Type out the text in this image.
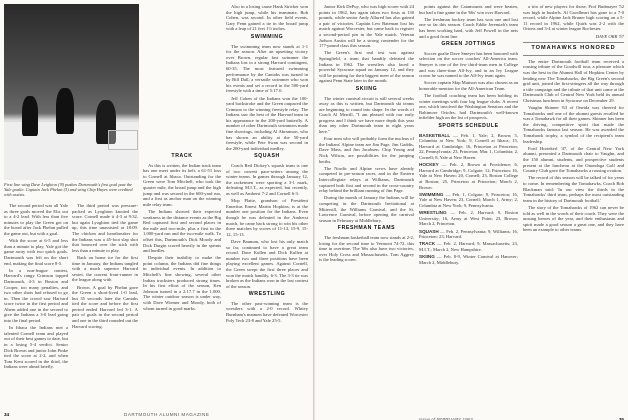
First line wing Dave Leighton ('8) pushes Dartmouth's first goal past the Yale goalie. Captain Jack Phelan (3) and wing Chip Hayes were credited with assists.

The second period was all Yale as three goals moved the Elis out to a 4-2 lead. With less than five minutes to play the Green got on the board after Jack Phelan pulled the game out, but with a goal.

With the score at 6-5 and less than a minute to play, Yale got the game away with two quick goals. Dartmouth was left on the short end, making the final score 8-5.

In a non-league contest, Harvard's rangy Crimson topped Dartmouth, 4-3 in Boston and Cooper, too many penalties, and two other shots had refused to go in. Then the crowd saw Harvard score twice in the first period and Ahern added one in the second to give the Indians a 3-0 lead going into the final period.

In Ithaca the Indians met a talented Cornell team and played out of their best games to date, but in a losing 5-4 verdict. Senior Dick Brown and junior John Pinke tied the score at 2-2, and when Tom Kent scored in the third, the Indians were ahead briefly.

The third period was pressure-packed as Lyoghton knotted the score. Cornell made it 4-3 at 9:32, but again Lyoghton tied the game up, this time unassisted at 18:09. The chicken and heartbreaker for the Indians was a 45-foot slap shot that bounced over the stick with less than a minute to play.

Back on home ice for the first time in January, the Indians tangled with a much superior Harvard sextet, the current front-runner in the league along with

Brown. A goal by Phelan gave the Green a short-lived 1-0 lead, but 35 seconds later the Cantabs tied the score and before the first period ended Harvard led 3-1. A pair of goals in the second period and one in the third rounded out the Harvard scoring.

TRACK

As this is written, the Indian track team has one meet under its belt, a 61-51 loss to Cornell at Ithaca. Outstanding for the Green were Tom Mitchell, who took the quarter mile, the broad jump and the high jump and was second in the 600-yard run, and a first as anchor man on the winning mile relay team.

The Indians showed their expected weakness in the distance events as the Big Red captured first and second places in the mile and two-mile, plus a first in the 1,000-yard run and the two-mile walk. To offset this, Dartmouth's Dick Moody and Dick Durgin scored heavily in the sprints and hurdles.

Despite their inability to make the point column, the Indians did fine things in individual events. In addition to Mitchell's fine showing, several other Indian tracksters produced strong times. In his first effort of the season, Ken Johnson turned in a 2:17.7 in the 1,000. The winter outdoor season is under way, with Dave Wiemer and Moody, both of whom turned in good marks.

Also in a losing cause Hank Stricker won the high jump, while his teammate, Bob Cohen, was second. In other field events, Gary Fenn gained a tie in the broad jump with a leap of 21 feet 1½ inches.

SWIMMING

The swimming team now stands at 1-1 for the season. After an upsetting victory over Brown, regular fast swimmer the Indians lost to a strong Harvard contingent, 60-35. The most featured swimming performance by the Cantabs was turned in by Bill Dall, a versatile swimmer who won his events and set a record in the 500-yard freestyle with a time of 5:17.0.

Jeff Cohen of the Indians won the 100-yard backstroke and the Green outpaced the Crimson to the winning freestyle relay. The Indians saw the best of the Harvard team in his appearance in the 200-yard butterfly. A number of other Dartmouth swimmers made fine showings, including Al Abramson, who has shown an ability at the 50-yard freestyle, while Pete Swan was second in the 200-yard individual medley.

SQUASH

Coach Red Dickey's squash team is one of two current pace-setters among the winter teams. In games through January 12, the racketmen were sporting a 3-1 mark, defeating M.I.T., as expected, but recently, as well as Amherst 7-2 and Cornell 6-3.

Mop Platte, grandson of President Emeritus Ernest Martin Hopkins, is at the number one position for the Indians. Even though he was defeated in the Amherst match, he came back strong to win his other three matches by scores of 11-13, 15-9, 15-12, 15-13.

Dave Bauman, who lost his only match so far, continued to have a great team record. Dave Kullen and Dick Kullen at number two and three positions have been playing excellent games. Against Cornell, the Green swept the first three places and won the match handily, 6-3. The 3-3 tie was broken as the Indians won in the last contest of the season.

WRESTLING

The other past-winning team is the wrestlers with a 2-0 record. Whitey Burnham's matmen have defeated Worcester Poly Tech 23-8 and Yale 25-5.

34	DARTMOUTH ALUMNI MAGAZINE

Junior Kirk DePuy, who was high scorer with 24 points in 1962, has again taken two firsts at 130 pounds, while senior Andy Allured has also gained a pair of victories. Captain Lew Bateman lost his match against Worcester, but came back to register a second-period pin in the Yale match. Veteran Judson Austin will be a strong contender for the 177-pound class this season.

The Green's first real test was against Springfield, a team that handily defeated the Indians in 1962. The wrestlers also faced a powerful Syracuse squad on January 12, and they will be pointing for their biggest meet of the season against Penn State later in the month.

SKIING

The winter carnival circuit is still several weeks away as this is written, but Dartmouth ski teams are beginning to round into shape. In the words of Coach Al Merrill, "I am pleased with our early progress and I think we have more depth this year than any other Dartmouth team in eight years here."

Four men who will probably form the nucleus of the Indians' Alpine team are Jim Page, Jim Gaddis, Dave Mass, and Jim Jacobsen. Chip Young and Nick Wilson, are possibilities for the jumping berths.

The Nordic and Alpine crews have already competed in pre-season races, and in the Eastern Intercollegiate relays at Williams, Dartmouth captured both first and second in the cross-country relay behind the brilliant running of Jim Page.

During the month of January the Indians will be competing in the Dartmouth Invitational at Mittersill, the Williams Carnival, and the St. Lawrence Carnival, before opening the carnival season in February at Middlebury.

FRESHMAN TEAMS

The freshman basketball team now stands at 2-2, losing for the second time to Vermont 74-72, this time in overtime. The '66s also have two victories, over Holy Cross and Massachusetts. Tom Aggrey is the leading scorer.

points against the Catamounts and were beaten, but had a fine game in the '66s' win over Harvard.

The freshman hockey team has won one and lost one so far this season. Coach Eddie Jeremiah's team has been working hard, with Jeff Powell in the nets and a good front line.

GREEN JOTTINGS

Soccer goalie Dave Smeyer has been honored with selection on the soccer coaches' All-America team. Smeyer is one of the few third-team men in College and was three-time All-Ivy, and in an Ivy League crown he was named to the All-Ivy team again.

Soccer captain Skip Mattson was also chosen as an honorable mention for the All-American Team.

The football coaching team has been holding its winter meetings with four big league clubs. A recent one, which involved the Washington Senators and the Baltimore Orioles, had Dartmouth's well-known infielder high on the list of prospects.

SPORTS SCHEDULE

BASKETBALL — Feb. 1, Yale; 2, Brown; 5, Columbia at New York; 9, Cornell at Ithaca; 15, Harvard at Cambridge; 16, Princeton at Princeton; 22, Pennsylvania; 23, Princeton; Mar. 1, Columbia; 2, Cornell; 8, Yale at New Haven.

HOCKEY — Feb. 2, Brown at Providence; 6, Harvard at Cambridge; 9, Colgate; 12, Princeton; 16, Yale at New Haven; 20, Cornell; 23, Boston College at Boston; 25, Princeton at Princeton; March 2, Brown.

SWIMMING — Feb. 1, Colgate; 9, Princeton; 16, Yale at New Haven; 23, Cornell; March 1, Army; 2, Columbia at New York; 9, Pennsylvania.

WRESTLING — Feb. 2, Harvard; 9, Boston University; 16, Army at West Point; 23, Brown; March 2, Princeton.

SQUASH — Feb. 2, Pennsylvania; 9, Williams; 16, Princeton; 23, Harvard.

TRACK — Feb. 2, Harvard; 9, Massachusetts; 23, M.I.T.; March 2, New Hampshire.

SKIING — Feb. 8-9, Winter Carnival at Hanover; March 2, Middlebury.

a trio of new players for those, Prof Budmayer '52 was high in bushels. Al Goodheart has gone to a 7-0 record, while Alpine Jack Bruner high scoring on a 5-11 record in 1962, while Quirk was 2-2 with the Orions and 3-4 at winter league Rochester.

DAVE ORR '57
TOMAHAWKS HONORED

The entire Dartmouth football team received a rousing tribute of the Goodwill tour, a pleasure which was the best in the Alumni Hall of Hopkins Center by lending new The Tomahawks, the Big Green's second grid unit, joined the first-stringers all the way through a title campaign and the tribute of that unit came at the Dartmouth Club of Central New York held its annual Christmas luncheon in Syracuse on December 29.

Vaughn Skinner '63 of Oneida was cheered for Tomahawks and one of the alumni guests recalled he was a Tomahawk for all their games. Skinner has been the driving, competitive spirit that made the Tomahawks famous last season. He was awarded the Tomahawk trophy, a symbol of the recipient's team leadership.

Ford Hortekerl '47, of the Central New York alumni, presented a Dartmouth chair to Vaughn, and the 150 alumni, students, and prospective students present at the luncheon at the Onondaga Golf and Country Club gave the Tomahawks a rousing ovation.

The record of this season will be talked of for years to come. In remembering the Tomahawks, Coach Bob Blackman said: 'In our view the thirds in the Tomahawks' third team, perhaps the most outstanding team in the history of Dartmouth football.'

The story of the Tomahawks of 1962 can never be told as well in the words of their coach. They were the unsung heroes of the year, and their enthusiasm and spirit made a good season a great one, and they have been an example to other teams.

Issue of FEBRUARY 1963	35
